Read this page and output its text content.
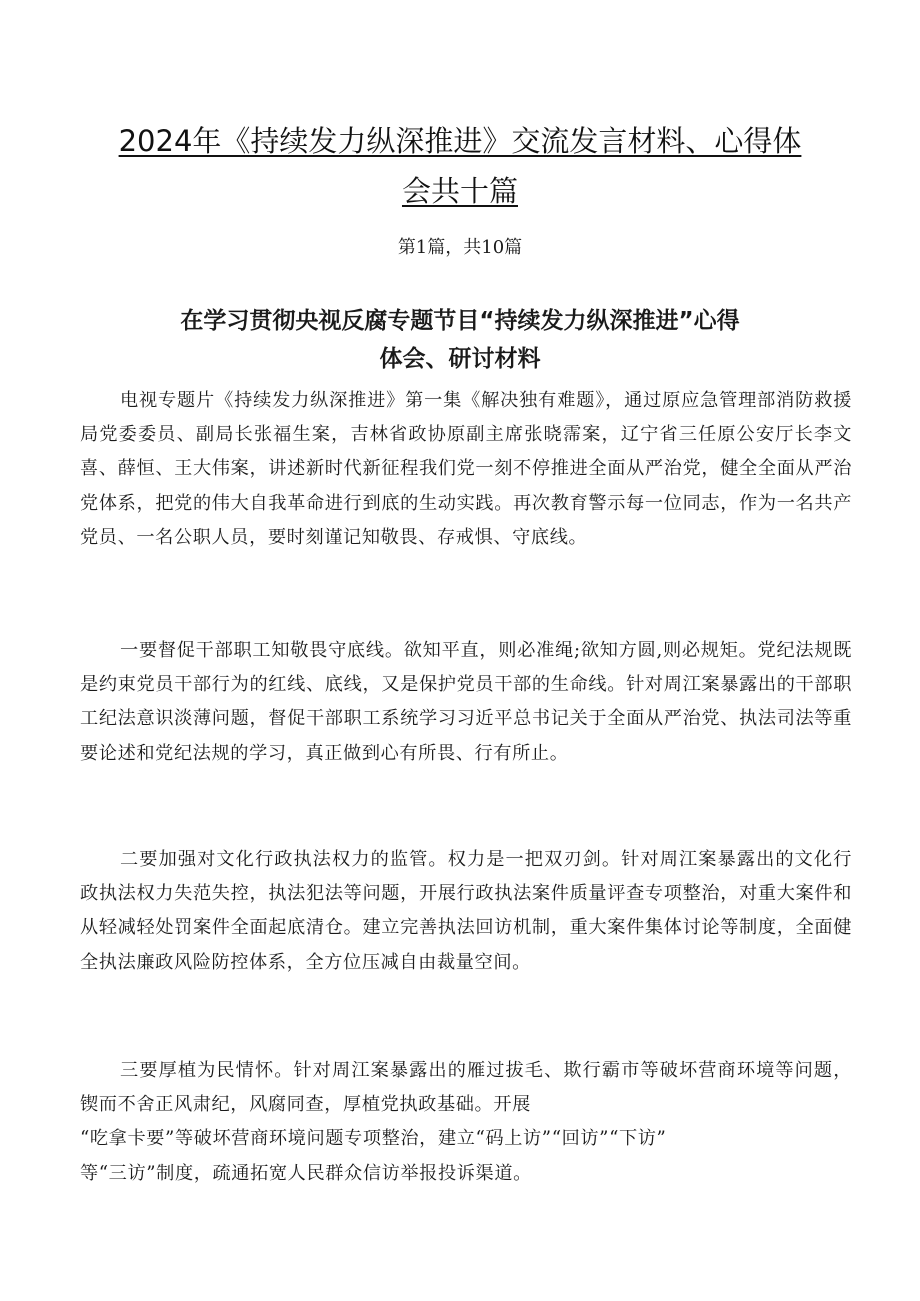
2024年《持续发力纵深推进》交流发言材料、心得体
会共十篇

第1篇，共10篇

在学习贯彻央视反腐专题节目“持续发力纵深推进”心得
体会、研讨材料

电视专题片《持续发力纵深推进》第一集《解决独有难题》，通过原应急管理部消防救援局党委委员、副局长张福生案，吉林省政协原副主席张晓霈案，辽宁省三任原公安厅长李文喜、薛恒、王大伟案，讲述新时代新征程我们党一刻不停推进全面从严治党，健全全面从严治党体系，把党的伟大自我革命进行到底的生动实践。再次教育警示每一位同志，作为一名共产党员、一名公职人员，要时刻谨记知敬畏、存戒惧、守底线。

一要督促干部职工知敬畏守底线。欲知平直，则必准绳;欲知方圆,则必规矩。党纪法规既是约束党员干部行为的红线、底线，又是保护党员干部的生命线。针对周江案暴露出的干部职工纪法意识淡薄问题，督促干部职工系统学习习近平总书记关于全面从严治党、执法司法等重要论述和党纪法规的学习，真正做到心有所畏、行有所止。

二要加强对文化行政执法权力的监管。权力是一把双刃剑。针对周江案暴露出的文化行政执法权力失范失控，执法犯法等问题，开展行政执法案件质量评查专项整治，对重大案件和从轻减轻处罚案件全面起底清仓。建立完善执法回访机制，重大案件集体讨论等制度，全面健全执法廉政风险防控体系，全方位压减自由裁量空间。

三要厚植为民情怀。针对周江案暴露出的雁过拔毛、欺行霸市等破坏营商环境等问题，锲而不舍正风肃纪，风腐同查，厚植党执政基础。开展
“吃拿卡要”等破坏营商环境问题专项整治，建立“码上访”“回访”“下访”
等“三访”制度，疏通拓宽人民群众信访举报投诉渠道。
